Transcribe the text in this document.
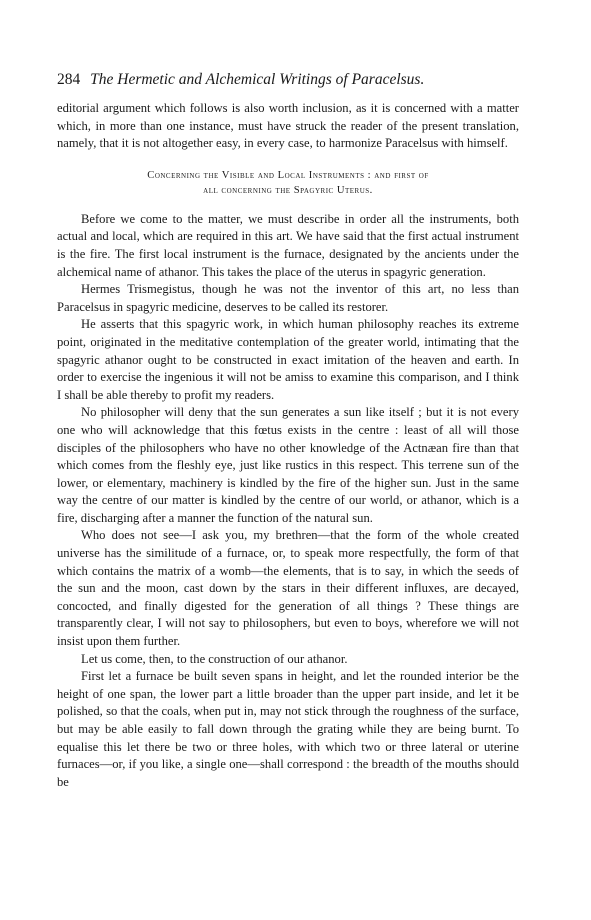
284 The Hermetic and Alchemical Writings of Paracelsus.

editorial argument which follows is also worth inclusion, as it is concerned with a matter which, in more than one instance, must have struck the reader of the present translation, namely, that it is not altogether easy, in every case, to harmonize Paracelsus with himself.

Concerning the Visible and Local Instruments : and first of
all concerning the Spagyric Uterus.

Before we come to the matter, we must describe in order all the instruments, both actual and local, which are required in this art. We have said that the first actual instrument is the fire. The first local instrument is the furnace, designated by the ancients under the alchemical name of athanor. This takes the place of the uterus in spagyric generation.

Hermes Trismegistus, though he was not the inventor of this art, no less than Paracelsus in spagyric medicine, deserves to be called its restorer.

He asserts that this spagyric work, in which human philosophy reaches its extreme point, originated in the meditative contemplation of the greater world, intimating that the spagyric athanor ought to be constructed in exact imitation of the heaven and earth. In order to exercise the ingenious it will not be amiss to examine this comparison, and I think I shall be able thereby to profit my readers.

No philosopher will deny that the sun generates a sun like itself ; but it is not every one who will acknowledge that this fœtus exists in the centre : least of all will those disciples of the philosophers who have no other knowledge of the Actnæan fire than that which comes from the fleshly eye, just like rustics in this respect. This terrene sun of the lower, or elementary, machinery is kindled by the fire of the higher sun. Just in the same way the centre of our matter is kindled by the centre of our world, or athanor, which is a fire, discharging after a manner the function of the natural sun.

Who does not see—I ask you, my brethren—that the form of the whole created universe has the similitude of a furnace, or, to speak more respectfully, the form of that which contains the matrix of a womb—the elements, that is to say, in which the seeds of the sun and the moon, cast down by the stars in their different influxes, are decayed, concocted, and finally digested for the generation of all things ? These things are transparently clear, I will not say to philosophers, but even to boys, wherefore we will not insist upon them further.

Let us come, then, to the construction of our athanor.

First let a furnace be built seven spans in height, and let the rounded interior be the height of one span, the lower part a little broader than the upper part inside, and let it be polished, so that the coals, when put in, may not stick through the roughness of the surface, but may be able easily to fall down through the grating while they are being burnt. To equalise this let there be two or three holes, with which two or three lateral or uterine furnaces—or, if you like, a single one—shall correspond : the breadth of the mouths should be
